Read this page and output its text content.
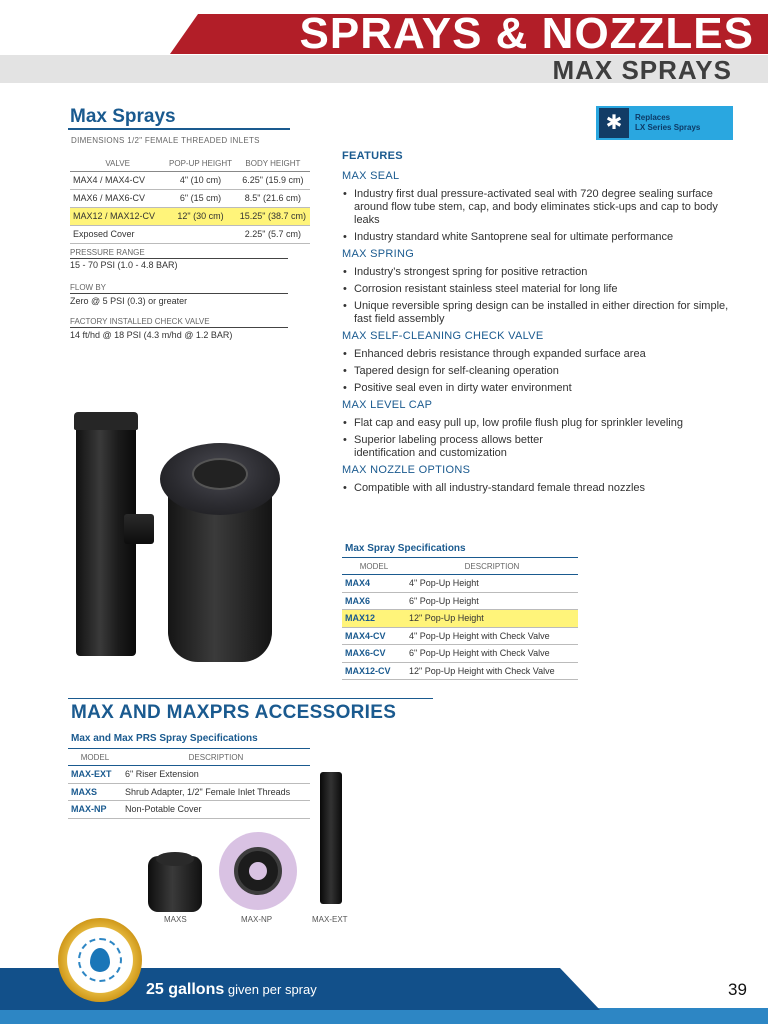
SPRAYS & NOZZLES
MAX SPRAYS
Max Sprays
DIMENSIONS 1/2" FEMALE THREADED INLETS
✱	Replaces
LX Series Sprays
VALVE	POP-UP HEIGHT	BODY HEIGHT
MAX4 / MAX4-CV	4" (10 cm)	6.25" (15.9 cm)
MAX6 / MAX6-CV	6" (15 cm)	8.5" (21.6 cm)
MAX12 / MAX12-CV	12" (30 cm)	15.25" (38.7 cm)
Exposed Cover		2.25" (5.7 cm)
PRESSURE RANGE
15 - 70 PSI (1.0 - 4.8 BAR)
FLOW BY
Zero @ 5 PSI (0.3) or greater
FACTORY INSTALLED CHECK VALVE
14 ft/hd @ 18 PSI (4.3 m/hd @ 1.2 BAR)
FEATURES
MAX SEAL
• Industry first dual pressure-activated seal with 720 degree sealing surface around flow tube stem, cap, and body eliminates stick-ups and cap to body leaks
• Industry standard white Santoprene seal for ultimate performance
MAX SPRING
• Industry’s strongest spring for positive retraction
• Corrosion resistant stainless steel material for long life
• Unique reversible spring design can be installed in either direction for simple, fast field assembly
MAX SELF-CLEANING CHECK VALVE
• Enhanced debris resistance through expanded surface area
• Tapered design for self-cleaning operation
• Positive seal even in dirty water environment
MAX LEVEL CAP
• Flat cap and easy pull up, low profile flush plug for sprinkler leveling
• Superior labeling process allows better identification and customization
MAX NOZZLE OPTIONS
• Compatible with all industry-standard female thread nozzles
Max Spray Specifications
MODEL	DESCRIPTION
MAX4	4" Pop-Up Height
MAX6	6" Pop-Up Height
MAX12	12" Pop-Up Height
MAX4-CV	4" Pop-Up Height with Check Valve
MAX6-CV	6" Pop-Up Height with Check Valve
MAX12-CV	12" Pop-Up Height with Check Valve
MAX AND MAXPRS ACCESSORIES
Max and Max PRS Spray Specifications
MODEL	DESCRIPTION
MAX-EXT	6" Riser Extension
MAXS	Shrub Adapter, 1/2" Female Inlet Threads
MAX-NP	Non-Potable Cover
MAXS	MAX-NP	MAX-EXT
25 gallons given per spray	39
